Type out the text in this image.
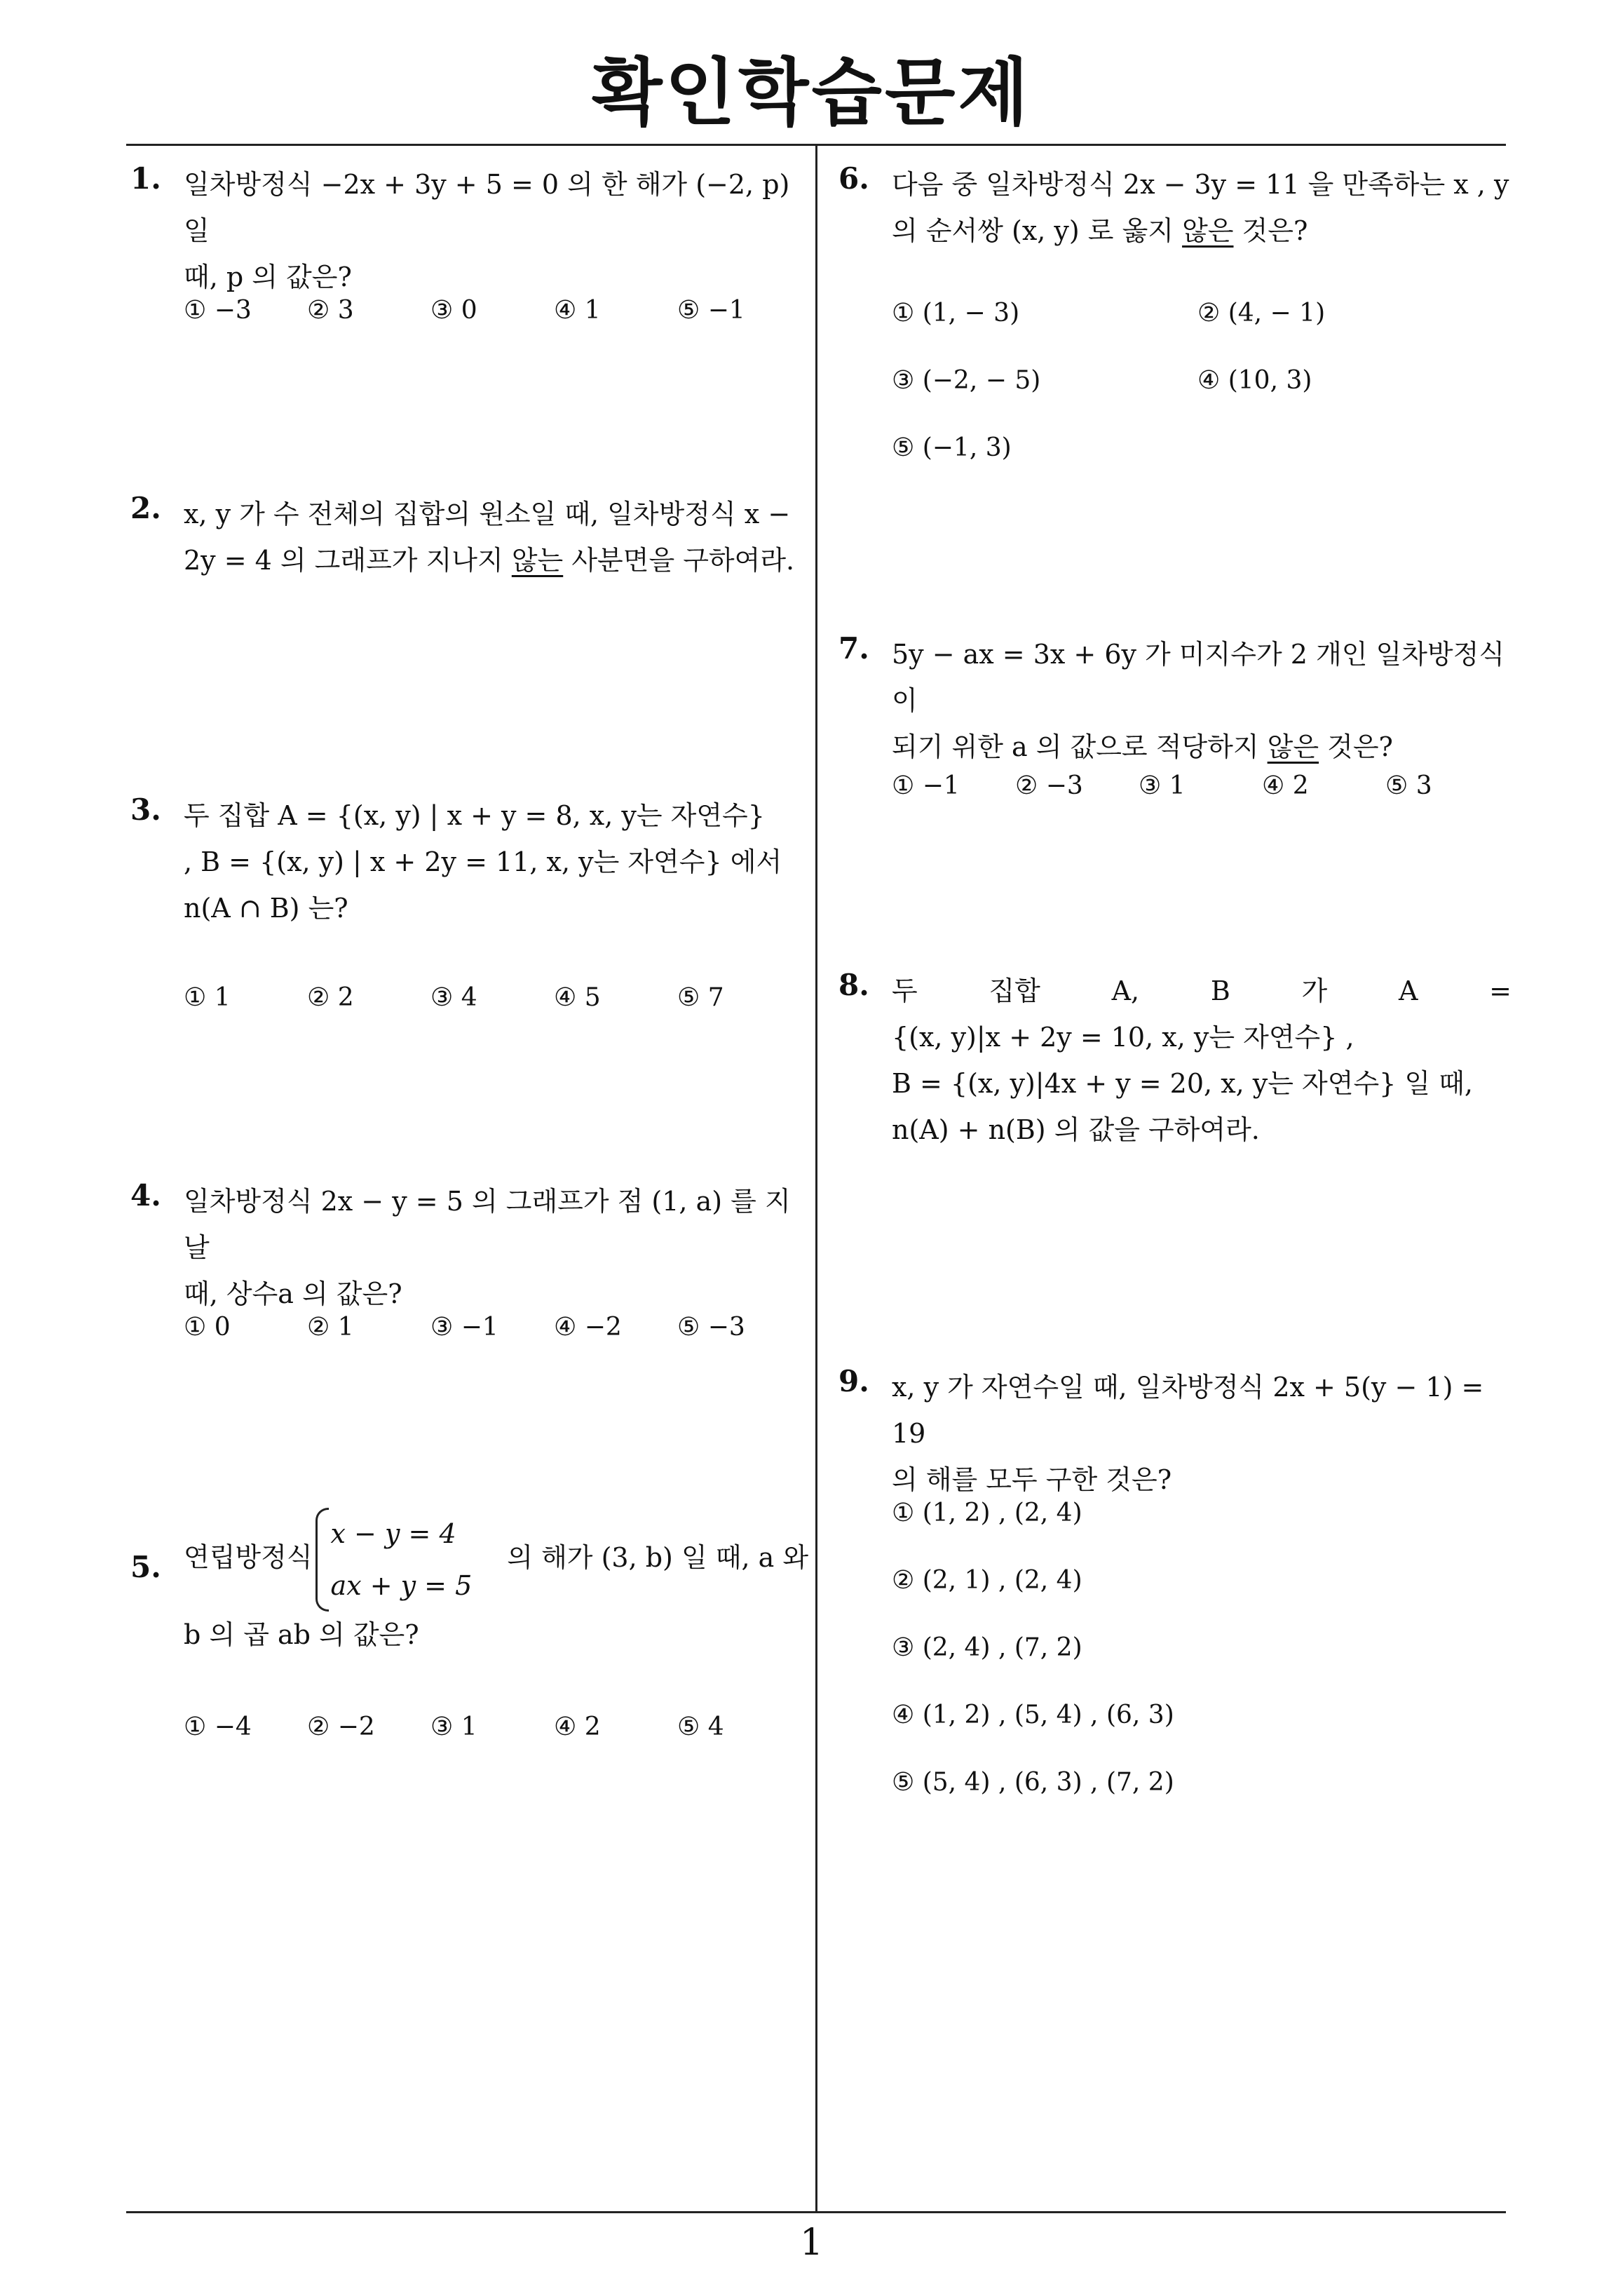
확인학습문제
1
1. 일차방정식 −2x + 3y + 5 = 0 의 한 해가 (−2, p) 일
때, p 의 값은?
① −3 ② 3	③ 0	④ 1	⑤ −1
2. x, y 가 수 전체의 집합의 원소일 때, 일차방정식 x −
2y = 4 의 그래프가 지나지 않는 사분면을 구하여라.
3. 두 집합 A = {(x, y) | x + y = 8, x, y는 자연수}
, B = {(x, y) | x + 2y = 11, x, y는 자연수} 에서
n(A ∩ B) 는?
① 1	② 2	③ 4	④ 5	⑤ 7
4. 일차방정식 2x − y = 5 의 그래프가 점 (1, a) 를 지날
때, 상수a 의 값은?
① 0	② 1	③ −1 ④ −2 ⑤ −3
5. 연립방정식
x − y = 4
ax + y = 5
의 해가 (3, b) 일 때, a 와
b 의 곱 ab 의 값은?
① −4 ② −2 ③ 1	④ 2	⑤ 4
6. 다음 중 일차방정식 2x − 3y = 11 을 만족하는 x , y
의 순서쌍 (x, y) 로 옳지 않은 것은?
① (1, − 3)	② (4, − 1)
③ (−2, − 5)	④ (10, 3)
⑤ (−1, 3)
7. 5y − ax = 3x + 6y 가 미지수가 2 개인 일차방정식이
되기 위한 a 의 값으로 적당하지 않은 것은?
① −1 ② −3 ③ 1	④ 2	⑤ 3
8. 두 집합 A, B 가 A =
{(x, y)|x + 2y = 10, x, y는 자연수} ,
B = {(x, y)|4x + y = 20, x, y는 자연수} 일 때,
n(A) + n(B) 의 값을 구하여라.
9. x, y 가 자연수일 때, 일차방정식 2x + 5(y − 1) = 19
의 해를 모두 구한 것은?
① (1, 2) , (2, 4)
② (2, 1) , (2, 4)
③ (2, 4) , (7, 2)
④ (1, 2) , (5, 4) , (6, 3)
⑤ (5, 4) , (6, 3) , (7, 2)
